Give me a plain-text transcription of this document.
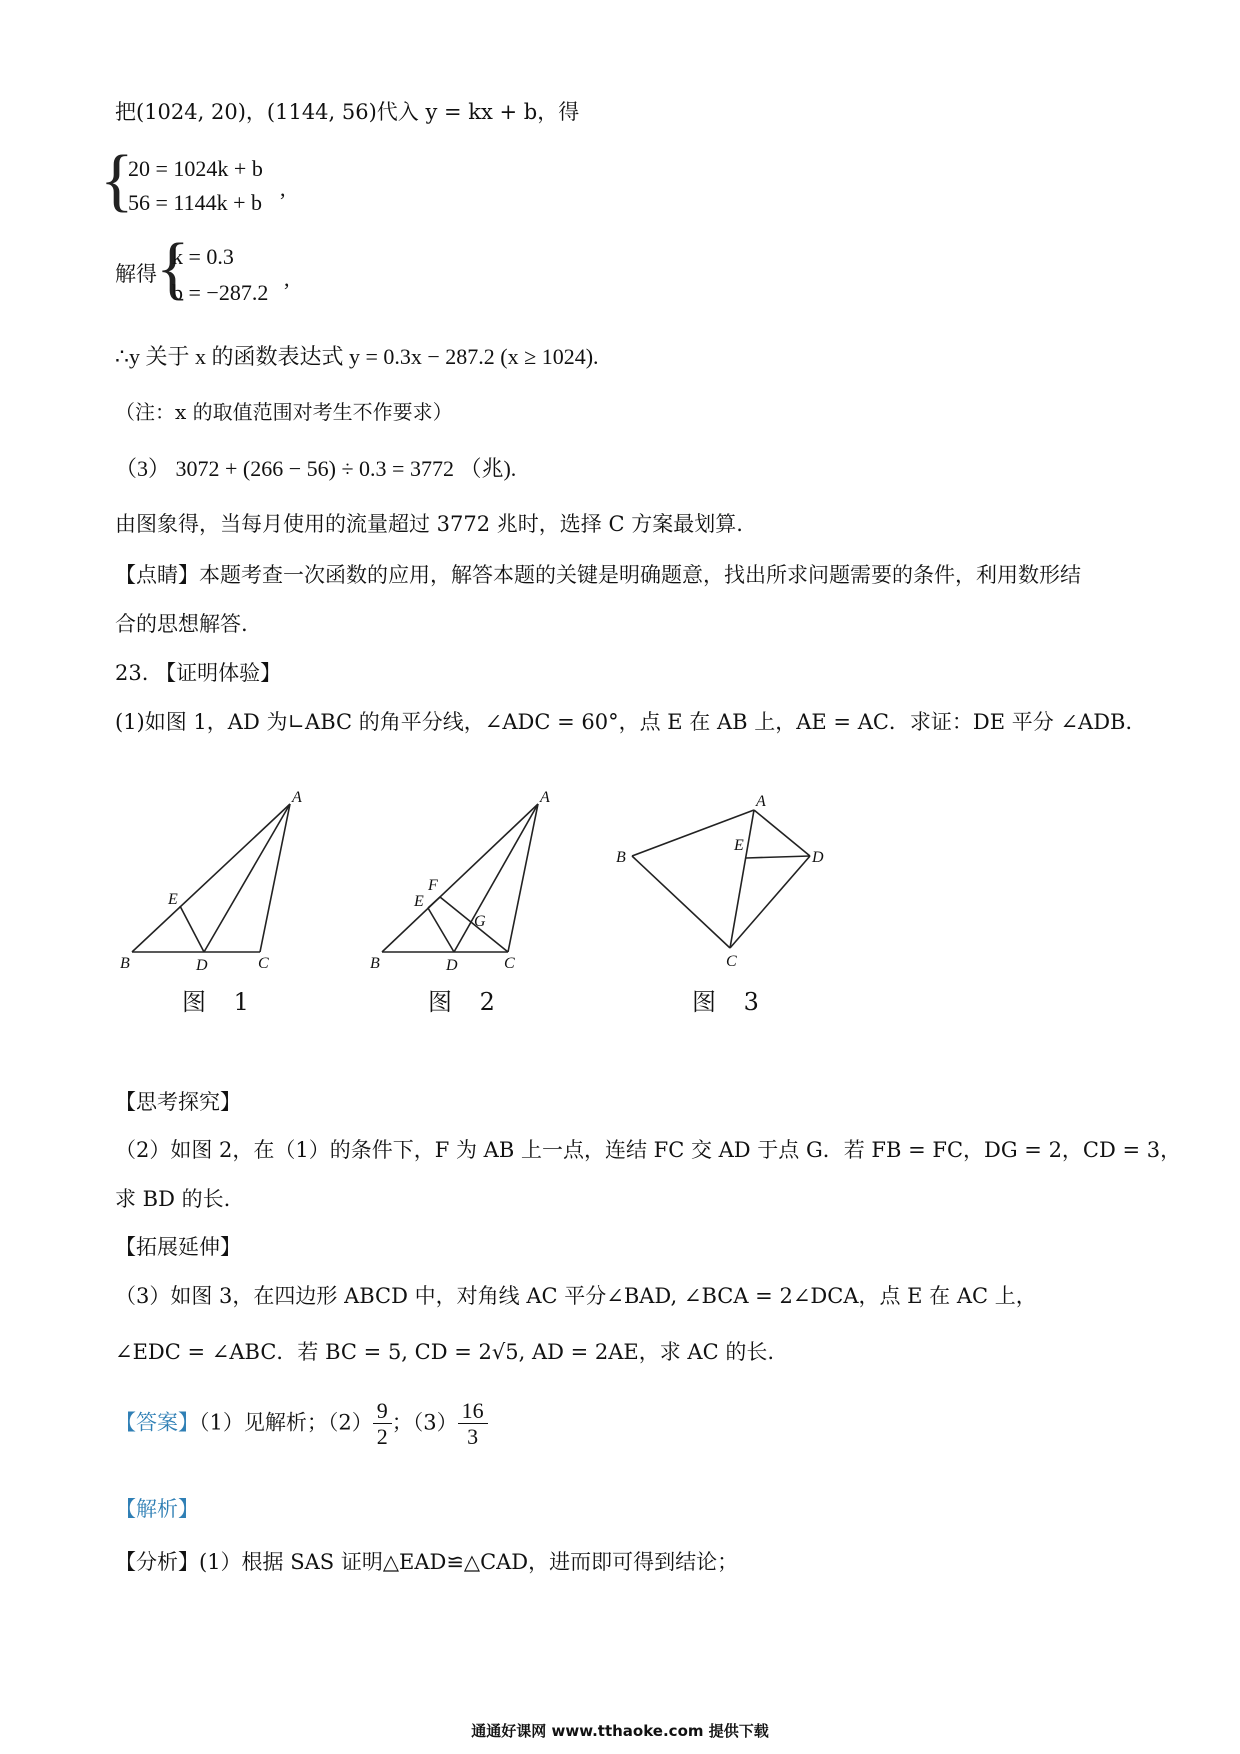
把(1024, 20)，(1144, 56)代入 y = kx + b，得
{
20 = 1024k + b
56 = 1144k + b
,
解得 {
k = 0.3
b = −287.2
,
∴y 关于 x 的函数表达式 y = 0.3x − 287.2 (x ≥ 1024).
（注：x 的取值范围对考生不作要求）
（3） 3072 + (266 − 56) ÷ 0.3 = 3772 （兆).
由图象得，当每月使用的流量超过 3772 兆时，选择 C 方案最划算.
【点睛】本题考查一次函数的应用，解答本题的关键是明确题意，找出所求问题需要的条件，利用数形结
合的思想解答.
23. 【证明体验】
(1)如图 1，AD 为∟ABC 的角平分线，∠ADC = 60°，点 E 在 AB 上，AE = AC．求证：DE 平分 ∠ADB．
A
B	C
D
E
图 1
A
B	C
D
E
F
G
图 2
A
B
C
D
E
图 3
【思考探究】
（2）如图 2，在（1）的条件下，F 为 AB 上一点，连结 FC 交 AD 于点 G．若 FB = FC，DG = 2，CD = 3，
求 BD 的长.
【拓展延伸】
（3）如图 3，在四边形 ABCD 中，对角线 AC 平分∠BAD, ∠BCA = 2∠DCA，点 E 在 AC 上，
∠EDC = ∠ABC．若 BC = 5, CD = 2√5, AD = 2AE，求 AC 的长.
【答案】（1）见解析；$(2) \frac{9}{2}$ ；$(3) \frac{16}{3}$
【解析】
【分析】(1）根据 SAS 证明△EAD≌△CAD，进而即可得到结论；
通通好课网 www.tthaoke.com 提供下载
